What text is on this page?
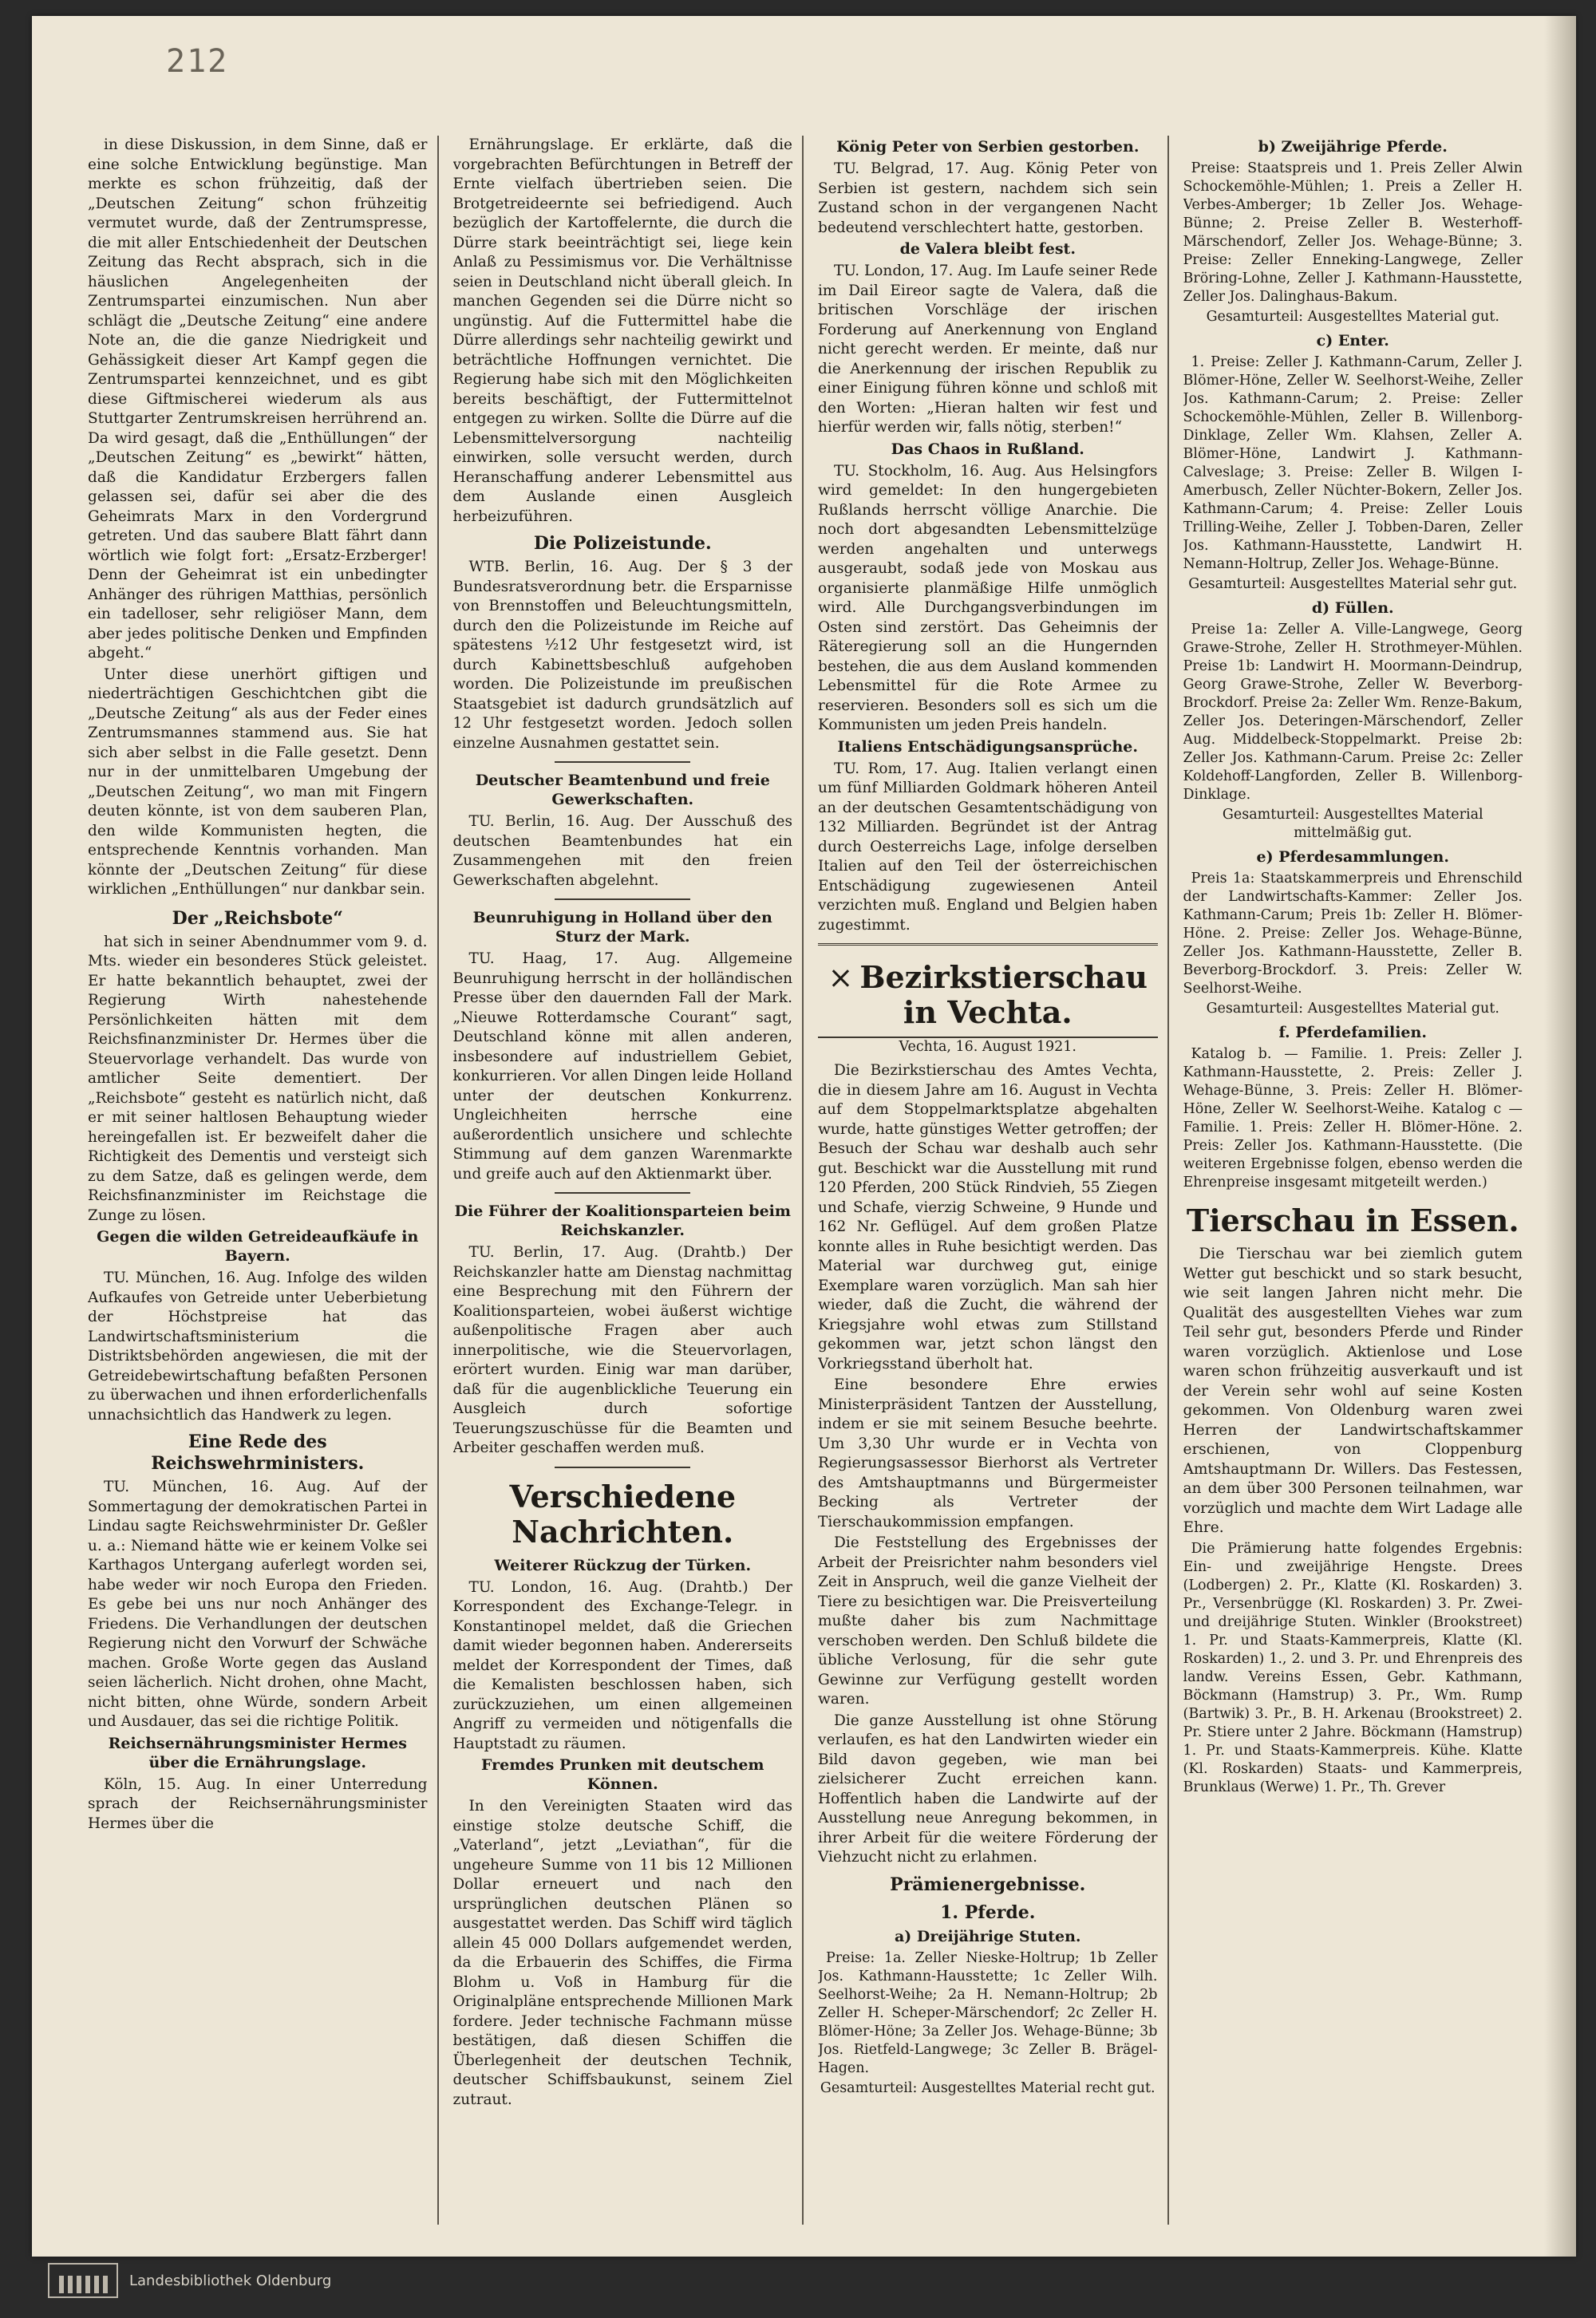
212

in diese Diskussion, in dem Sinne, daß er eine solche Entwicklung begünstige. Man merkte es schon frühzeitig, daß der „Deutschen Zeitung“ schon frühzeitig vermutet wurde, daß der Zentrumspresse, die mit aller Entschiedenheit der Deutschen Zeitung das Recht absprach, sich in die häuslichen Angelegenheiten der Zentrumspartei einzumischen. Nun aber schlägt die „Deutsche Zeitung“ eine andere Note an, die die ganze Niedrigkeit und Gehässigkeit dieser Art Kampf gegen die Zentrumspartei kennzeichnet, und es gibt diese Giftmischerei wiederum als aus Stuttgarter Zentrumskreisen herrührend an. Da wird gesagt, daß die „Enthüllungen“ der „Deutschen Zeitung“ es „bewirkt“ hätten, daß die Kandidatur Erzbergers fallen gelassen sei, dafür sei aber die des Geheimrats Marx in den Vordergrund getreten. Und das saubere Blatt fährt dann wörtlich wie folgt fort: „Ersatz-Erzberger! Denn der Geheimrat ist ein unbedingter Anhänger des rührigen Matthias, persönlich ein tadelloser, sehr religiöser Mann, dem aber jedes politische Denken und Empfinden abgeht.“

Unter diese unerhört giftigen und niederträchtigen Geschichtchen gibt die „Deutsche Zeitung“ als aus der Feder eines Zentrumsmannes stammend aus. Sie hat sich aber selbst in die Falle gesetzt. Denn nur in der unmittelbaren Umgebung der „Deutschen Zeitung“, wo man mit Fingern deuten könnte, ist von dem sauberen Plan, den wilde Kommunisten hegten, die entsprechende Kenntnis vorhanden. Man könnte der „Deutschen Zeitung“ für diese wirklichen „Enthüllungen“ nur dankbar sein.

Der „Reichsbote“

hat sich in seiner Abendnummer vom 9. d. Mts. wieder ein besonderes Stück geleistet. Er hatte bekanntlich behauptet, zwei der Regierung Wirth nahestehende Persönlichkeiten hätten mit dem Reichsfinanzminister Dr. Hermes über die Steuervorlage verhandelt. Das wurde von amtlicher Seite dementiert. Der „Reichsbote“ gesteht es natürlich nicht, daß er mit seiner haltlosen Behauptung wieder hereingefallen ist. Er bezweifelt daher die Richtigkeit des Dementis und versteigt sich zu dem Satze, daß es gelingen werde, dem Reichsfinanzminister im Reichstage die Zunge zu lösen.

Gegen die wilden Getreideaufkäufe in Bayern.

TU. München, 16. Aug. Infolge des wilden Aufkaufes von Getreide unter Ueberbietung der Höchstpreise hat das Landwirtschaftsministerium die Distriktsbehörden angewiesen, die mit der Getreidebewirtschaftung befaßten Personen zu überwachen und ihnen erforderlichenfalls unnachsichtlich das Handwerk zu legen.

Eine Rede des Reichswehrministers.

TU. München, 16. Aug. Auf der Sommertagung der demokratischen Partei in Lindau sagte Reichswehrminister Dr. Geßler u. a.: Niemand hätte wie er keinem Volke sei Karthagos Untergang auferlegt worden sei, habe weder wir noch Europa den Frieden. Es gebe bei uns nur noch Anhänger des Friedens. Die Verhandlungen der deutschen Regierung nicht den Vorwurf der Schwäche machen. Große Worte gegen das Ausland seien lächerlich. Nicht drohen, ohne Macht, nicht bitten, ohne Würde, sondern Arbeit und Ausdauer, das sei die richtige Politik.

Reichsernährungsminister Hermes über die Ernährungslage.

Köln, 15. Aug. In einer Unterredung sprach der Reichsernährungsminister Hermes über die

Ernährungslage. Er erklärte, daß die vorgebrachten Befürchtungen in Betreff der Ernte vielfach übertrieben seien. Die Brotgetreideernte sei befriedigend. Auch bezüglich der Kartoffelernte, die durch die Dürre stark beeinträchtigt sei, liege kein Anlaß zu Pessimismus vor. Die Verhältnisse seien in Deutschland nicht überall gleich. In manchen Gegenden sei die Dürre nicht so ungünstig. Auf die Futtermittel habe die Dürre allerdings sehr nachteilig gewirkt und beträchtliche Hoffnungen vernichtet. Die Regierung habe sich mit den Möglichkeiten bereits beschäftigt, der Futtermittelnot entgegen zu wirken. Sollte die Dürre auf die Lebensmittelversorgung nachteilig einwirken, solle versucht werden, durch Heranschaffung anderer Lebensmittel aus dem Auslande einen Ausgleich herbeizuführen.

Die Polizeistunde.

WTB. Berlin, 16. Aug. Der § 3 der Bundesratsverordnung betr. die Ersparnisse von Brennstoffen und Beleuchtungsmitteln, durch den die Polizeistunde im Reiche auf spätestens ½12 Uhr festgesetzt wird, ist durch Kabinettsbeschluß aufgehoben worden. Die Polizeistunde im preußischen Staatsgebiet ist dadurch grundsätzlich auf 12 Uhr festgesetzt worden. Jedoch sollen einzelne Ausnahmen gestattet sein.

Deutscher Beamtenbund und freie Gewerkschaften.

TU. Berlin, 16. Aug. Der Ausschuß des deutschen Beamtenbundes hat ein Zusammengehen mit den freien Gewerkschaften abgelehnt.

Beunruhigung in Holland über den Sturz der Mark.

TU. Haag, 17. Aug. Allgemeine Beunruhigung herrscht in der holländischen Presse über den dauernden Fall der Mark. „Nieuwe Rotterdamsche Courant“ sagt, Deutschland könne mit allen anderen, insbesondere auf industriellem Gebiet, konkurrieren. Vor allen Dingen leide Holland unter der deutschen Konkurrenz. Ungleichheiten herrsche eine außerordentlich unsichere und schlechte Stimmung auf dem ganzen Warenmarkte und greife auch auf den Aktienmarkt über.

Die Führer der Koalitionsparteien beim Reichskanzler.

TU. Berlin, 17. Aug. (Drahtb.) Der Reichskanzler hatte am Dienstag nachmittag eine Besprechung mit den Führern der Koalitionsparteien, wobei äußerst wichtige außenpolitische Fragen aber auch innerpolitische, wie die Steuervorlagen, erörtert wurden. Einig war man darüber, daß für die augenblickliche Teuerung ein Ausgleich durch sofortige Teuerungszuschüsse für die Beamten und Arbeiter geschaffen werden muß.

Verschiedene Nachrichten.
Weiterer Rückzug der Türken.

TU. London, 16. Aug. (Drahtb.) Der Korrespondent des Exchange-Telegr. in Konstantinopel meldet, daß die Griechen damit wieder begonnen haben. Andererseits meldet der Korrespondent der Times, daß die Kemalisten beschlossen haben, sich zurückzuziehen, um einen allgemeinen Angriff zu vermeiden und nötigenfalls die Hauptstadt zu räumen.

Fremdes Prunken mit deutschem Können.

In den Vereinigten Staaten wird das einstige stolze deutsche Schiff, die „Vaterland“, jetzt „Leviathan“, für die ungeheure Summe von 11 bis 12 Millionen Dollar erneuert und nach den ursprünglichen deutschen Plänen so ausgestattet werden. Das Schiff wird täglich allein 45 000 Dollars aufgemendet werden, da die Erbauerin des Schiffes, die Firma Blohm u. Voß in Hamburg für die Originalpläne entsprechende Millionen Mark fordere. Jeder technische Fachmann müsse bestätigen, daß diesen Schiffen die Überlegenheit der deutschen Technik, deutscher Schiffsbaukunst, seinem Ziel zutraut.

König Peter von Serbien gestorben.

TU. Belgrad, 17. Aug. König Peter von Serbien ist gestern, nachdem sich sein Zustand schon in der vergangenen Nacht bedeutend verschlechtert hatte, gestorben.

de Valera bleibt fest.

TU. London, 17. Aug. Im Laufe seiner Rede im Dail Eireor sagte de Valera, daß die britischen Vorschläge der irischen Forderung auf Anerkennung von England nicht gerecht werden. Er meinte, daß nur die Anerkennung der irischen Republik zu einer Einigung führen könne und schloß mit den Worten: „Hieran halten wir fest und hierfür werden wir, falls nötig, sterben!“

Das Chaos in Rußland.

TU. Stockholm, 16. Aug. Aus Helsingfors wird gemeldet: In den hungergebieten Rußlands herrscht völlige Anarchie. Die noch dort abgesandten Lebensmittelzüge werden angehalten und unterwegs ausgeraubt, sodaß jede von Moskau aus organisierte planmäßige Hilfe unmöglich wird. Alle Durchgangsverbindungen im Osten sind zerstört. Das Geheimnis der Räteregierung soll an die Hungernden bestehen, die aus dem Ausland kommenden Lebensmittel für die Rote Armee zu reservieren. Besonders soll es sich um die Kommunisten um jeden Preis handeln.

Italiens Entschädigungsansprüche.

TU. Rom, 17. Aug. Italien verlangt einen um fünf Milliarden Goldmark höheren Anteil an der deutschen Gesamtentschädigung von 132 Milliarden. Begründet ist der Antrag durch Oesterreichs Lage, infolge derselben Italien auf den Teil der österreichischen Entschädigung zugewiesenen Anteil verzichten muß. England und Belgien haben zugestimmt.

× Bezirkstierschau in Vechta.
Vechta, 16. August 1921.

Die Bezirkstierschau des Amtes Vechta, die in diesem Jahre am 16. August in Vechta auf dem Stoppelmarktsplatze abgehalten wurde, hatte günstiges Wetter getroffen; der Besuch der Schau war deshalb auch sehr gut. Beschickt war die Ausstellung mit rund 120 Pferden, 200 Stück Rindvieh, 55 Ziegen und Schafe, vierzig Schweine, 9 Hunde und 162 Nr. Geflügel. Auf dem großen Platze konnte alles in Ruhe besichtigt werden. Das Material war durchweg gut, einige Exemplare waren vorzüglich. Man sah hier wieder, daß die Zucht, die während der Kriegsjahre wohl etwas zum Stillstand gekommen war, jetzt schon längst den Vorkriegsstand überholt hat.

Eine besondere Ehre erwies Ministerpräsident Tantzen der Ausstellung, indem er sie mit seinem Besuche beehrte. Um 3,30 Uhr wurde er in Vechta von Regierungsassessor Bierhorst als Vertreter des Amtshauptmanns und Bürgermeister Becking als Vertreter der Tierschaukommission empfangen.

Die Feststellung des Ergebnisses der Arbeit der Preisrichter nahm besonders viel Zeit in Anspruch, weil die ganze Vielheit der Tiere zu besichtigen war. Die Preisverteilung mußte daher bis zum Nachmittage verschoben werden. Den Schluß bildete die übliche Verlosung, für die sehr gute Gewinne zur Verfügung gestellt worden waren.

Die ganze Ausstellung ist ohne Störung verlaufen, es hat den Landwirten wieder ein Bild davon gegeben, wie man bei zielsicherer Zucht erreichen kann. Hoffentlich haben die Landwirte auf der Ausstellung neue Anregung bekommen, in ihrer Arbeit für die weitere Förderung der Viehzucht nicht zu erlahmen.

Prämienergebnisse.
1. Pferde.
a) Dreijährige Stuten.

Preise: 1a. Zeller Nieske-Holtrup; 1b Zeller Jos. Kathmann-Hausstette; 1c Zeller Wilh. Seelhorst-Weihe; 2a H. Nemann-Holtrup; 2b Zeller H. Scheper-Märschendorf; 2c Zeller H. Blömer-Höne; 3a Zeller Jos. Wehage-Bünne; 3b Jos. Rietfeld-Langwege; 3c Zeller B. Brägel-Hagen.

Gesamturteil: Ausgestelltes Material recht gut.
b) Zweijährige Pferde.

Preise: Staatspreis und 1. Preis Zeller Alwin Schockemöhle-Mühlen; 1. Preis a Zeller H. Verbes-Amberger; 1b Zeller Jos. Wehage-Bünne; 2. Preise Zeller B. Westerhoff-Märschendorf, Zeller Jos. Wehage-Bünne; 3. Preise: Zeller Enneking-Langwege, Zeller Bröring-Lohne, Zeller J. Kathmann-Hausstette, Zeller Jos. Dalinghaus-Bakum.

Gesamturteil: Ausgestelltes Material gut.
c) Enter.

1. Preise: Zeller J. Kathmann-Carum, Zeller J. Blömer-Höne, Zeller W. Seelhorst-Weihe, Zeller Jos. Kathmann-Carum; 2. Preise: Zeller Schockemöhle-Mühlen, Zeller B. Willenborg-Dinklage, Zeller Wm. Klahsen, Zeller A. Blömer-Höne, Landwirt J. Kathmann-Calveslage; 3. Preise: Zeller B. Wilgen I-Amerbusch, Zeller Nüchter-Bokern, Zeller Jos. Kathmann-Carum; 4. Preise: Zeller Louis Trilling-Weihe, Zeller J. Tobben-Daren, Zeller Jos. Kathmann-Hausstette, Landwirt H. Nemann-Holtrup, Zeller Jos. Wehage-Bünne.

Gesamturteil: Ausgestelltes Material sehr gut.
d) Füllen.

Preise 1a: Zeller A. Ville-Langwege, Georg Grawe-Strohe, Zeller H. Strothmeyer-Mühlen. Preise 1b: Landwirt H. Moormann-Deindrup, Georg Grawe-Strohe, Zeller W. Beverborg-Brockdorf. Preise 2a: Zeller Wm. Renze-Bakum, Zeller Jos. Deteringen-Märschendorf, Zeller Aug. Middelbeck-Stoppelmarkt. Preise 2b: Zeller Jos. Kathmann-Carum. Preise 2c: Zeller Koldehoff-Langforden, Zeller B. Willenborg-Dinklage.

Gesamturteil: Ausgestelltes Material mittelmäßig gut.
e) Pferdesammlungen.

Preis 1a: Staatskammerpreis und Ehrenschild der Landwirtschafts-Kammer: Zeller Jos. Kathmann-Carum; Preis 1b: Zeller H. Blömer-Höne. 2. Preise: Zeller Jos. Wehage-Bünne, Zeller Jos. Kathmann-Hausstette, Zeller B. Beverborg-Brockdorf. 3. Preis: Zeller W. Seelhorst-Weihe.

Gesamturteil: Ausgestelltes Material gut.
f. Pferdefamilien.

Katalog b. — Familie. 1. Preis: Zeller J. Kathmann-Hausstette, 2. Preis: Zeller J. Wehage-Bünne, 3. Preis: Zeller H. Blömer-Höne, Zeller W. Seelhorst-Weihe. Katalog c — Familie. 1. Preis: Zeller H. Blömer-Höne. 2. Preis: Zeller Jos. Kathmann-Hausstette. (Die weiteren Ergebnisse folgen, ebenso werden die Ehrenpreise insgesamt mitgeteilt werden.)

Tierschau in Essen.

Die Tierschau war bei ziemlich gutem Wetter gut beschickt und so stark besucht, wie seit langen Jahren nicht mehr. Die Qualität des ausgestellten Viehes war zum Teil sehr gut, besonders Pferde und Rinder waren vorzüglich. Aktienlose und Lose waren schon frühzeitig ausverkauft und ist der Verein sehr wohl auf seine Kosten gekommen. Von Oldenburg waren zwei Herren der Landwirtschaftskammer erschienen, von Cloppenburg Amtshauptmann Dr. Willers. Das Festessen, an dem über 300 Personen teilnahmen, war vorzüglich und machte dem Wirt Ladage alle Ehre.

Die Prämierung hatte folgendes Ergebnis: Ein- und zweijährige Hengste. Drees (Lodbergen) 2. Pr., Klatte (Kl. Roskarden) 3. Pr., Versenbrügge (Kl. Roskarden) 3. Pr. Zwei- und dreijährige Stuten. Winkler (Brookstreet) 1. Pr. und Staats-Kammerpreis, Klatte (Kl. Roskarden) 1., 2. und 3. Pr. und Ehrenpreis des landw. Vereins Essen, Gebr. Kathmann, Böckmann (Hamstrup) 3. Pr., Wm. Rump (Bartwik) 3. Pr., B. H. Arkenau (Brookstreet) 2. Pr. Stiere unter 2 Jahre. Böckmann (Hamstrup) 1. Pr. und Staats-Kammerpreis. Kühe. Klatte (Kl. Roskarden) Staats- und Kammerpreis, Brunklaus (Werwe) 1. Pr., Th. Grever

Landesbibliothek Oldenburg
